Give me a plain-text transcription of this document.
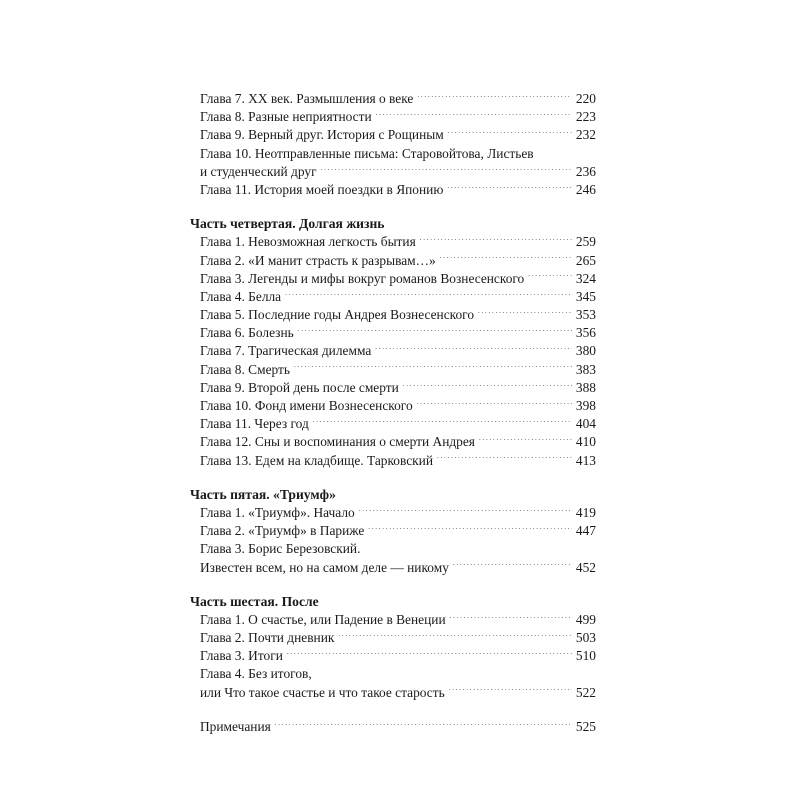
Глава 7. XX век. Размышления о веке . . .	220
Глава 8. Разные неприятности . . .	223
Глава 9. Верный друг. История с Рощиным . . .	232
Глава 10. Неотправленные письма: Старовойтова, Листьев
и студенческий друг . . .	236
Глава 11. История моей поездки в Японию . . .	246
Часть четвертая. Долгая жизнь
Глава 1. Невозможная легкость бытия . . .	259
Глава 2. «И манит страсть к разрывам…» . . .	265
Глава 3. Легенды и мифы вокруг романов Вознесенского . . .	324
Глава 4. Белла . . .	345
Глава 5. Последние годы Андрея Вознесенского . . .	353
Глава 6. Болезнь . . .	356
Глава 7. Трагическая дилемма . . .	380
Глава 8. Смерть . . .	383
Глава 9. Второй день после смерти . . .	388
Глава 10. Фонд имени Вознесенского . . .	398
Глава 11. Через год . . .	404
Глава 12. Сны и воспоминания о смерти Андрея . . .	410
Глава 13. Едем на кладбище. Тарковский . . .	413
Часть пятая. «Триумф»
Глава 1. «Триумф». Начало . . .	419
Глава 2. «Триумф» в Париже . . .	447
Глава 3. Борис Березовский.
Известен всем, но на самом деле — никому . . .	452
Часть шестая. После
Глава 1. О счастье, или Падение в Венеции . . .	499
Глава 2. Почти дневник . . .	503
Глава 3. Итоги . . .	510
Глава 4. Без итогов,
или Что такое счастье и что такое старость . . .	522
Примечания . . .	525
